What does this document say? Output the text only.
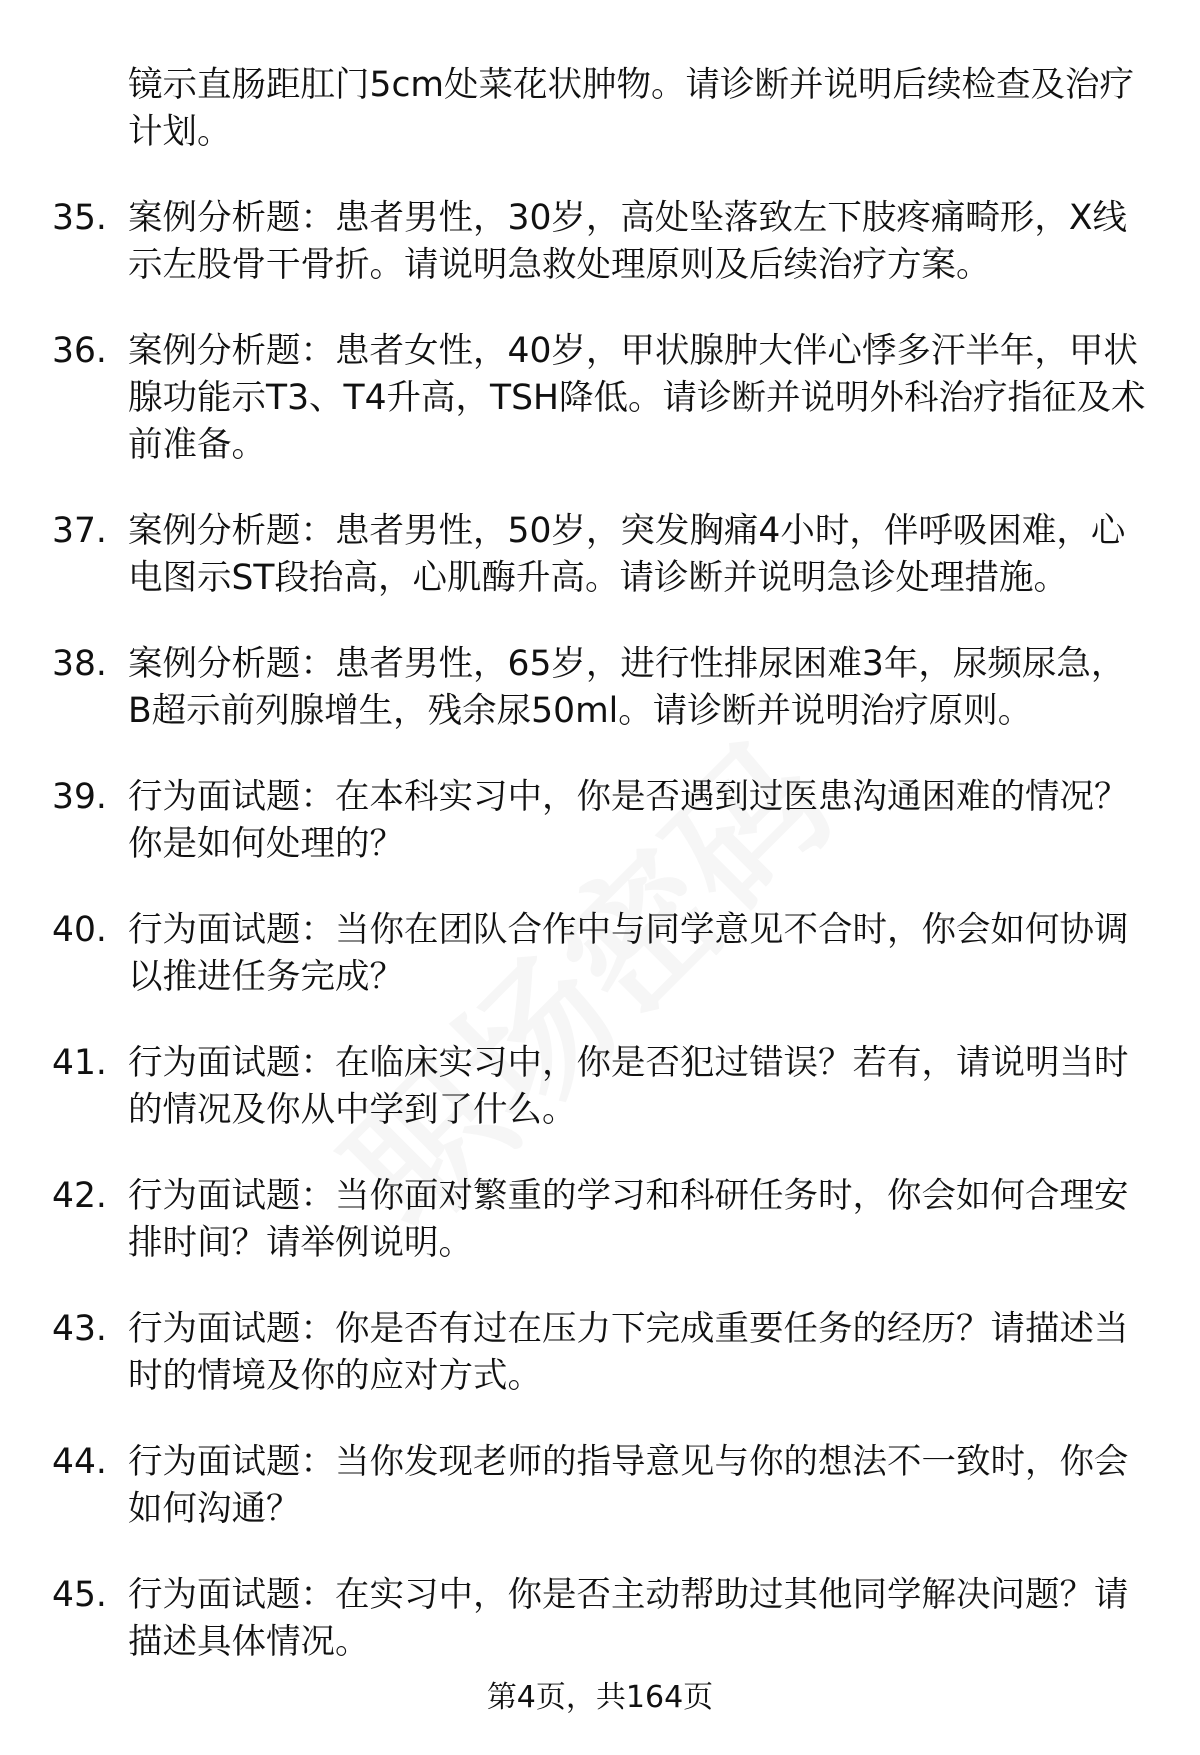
镜示直肠距肛门5cm处菜花状肿物。请诊断并说明后续检查及治疗计划。
35. 案例分析题：患者男性，30岁，高处坠落致左下肢疼痛畸形，X线示左股骨干骨折。请说明急救处理原则及后续治疗方案。
36. 案例分析题：患者女性，40岁，甲状腺肿大伴心悸多汗半年，甲状腺功能示T3、T4升高，TSH降低。请诊断并说明外科治疗指征及术前准备。
37. 案例分析题：患者男性，50岁，突发胸痛4小时，伴呼吸困难，心电图示ST段抬高，心肌酶升高。请诊断并说明急诊处理措施。
38. 案例分析题：患者男性，65岁，进行性排尿困难3年，尿频尿急，B超示前列腺增生，残余尿50ml。请诊断并说明治疗原则。
39. 行为面试题：在本科实习中，你是否遇到过医患沟通困难的情况？你是如何处理的？
40. 行为面试题：当你在团队合作中与同学意见不合时，你会如何协调以推进任务完成？
41. 行为面试题：在临床实习中，你是否犯过错误？若有，请说明当时的情况及你从中学到了什么。
42. 行为面试题：当你面对繁重的学习和科研任务时，你会如何合理安排时间？请举例说明。
43. 行为面试题：你是否有过在压力下完成重要任务的经历？请描述当时的情境及你的应对方式。
44. 行为面试题：当你发现老师的指导意见与你的想法不一致时，你会如何沟通？
45. 行为面试题：在实习中，你是否主动帮助过其他同学解决问题？请描述具体情况。
第4页，共164页
